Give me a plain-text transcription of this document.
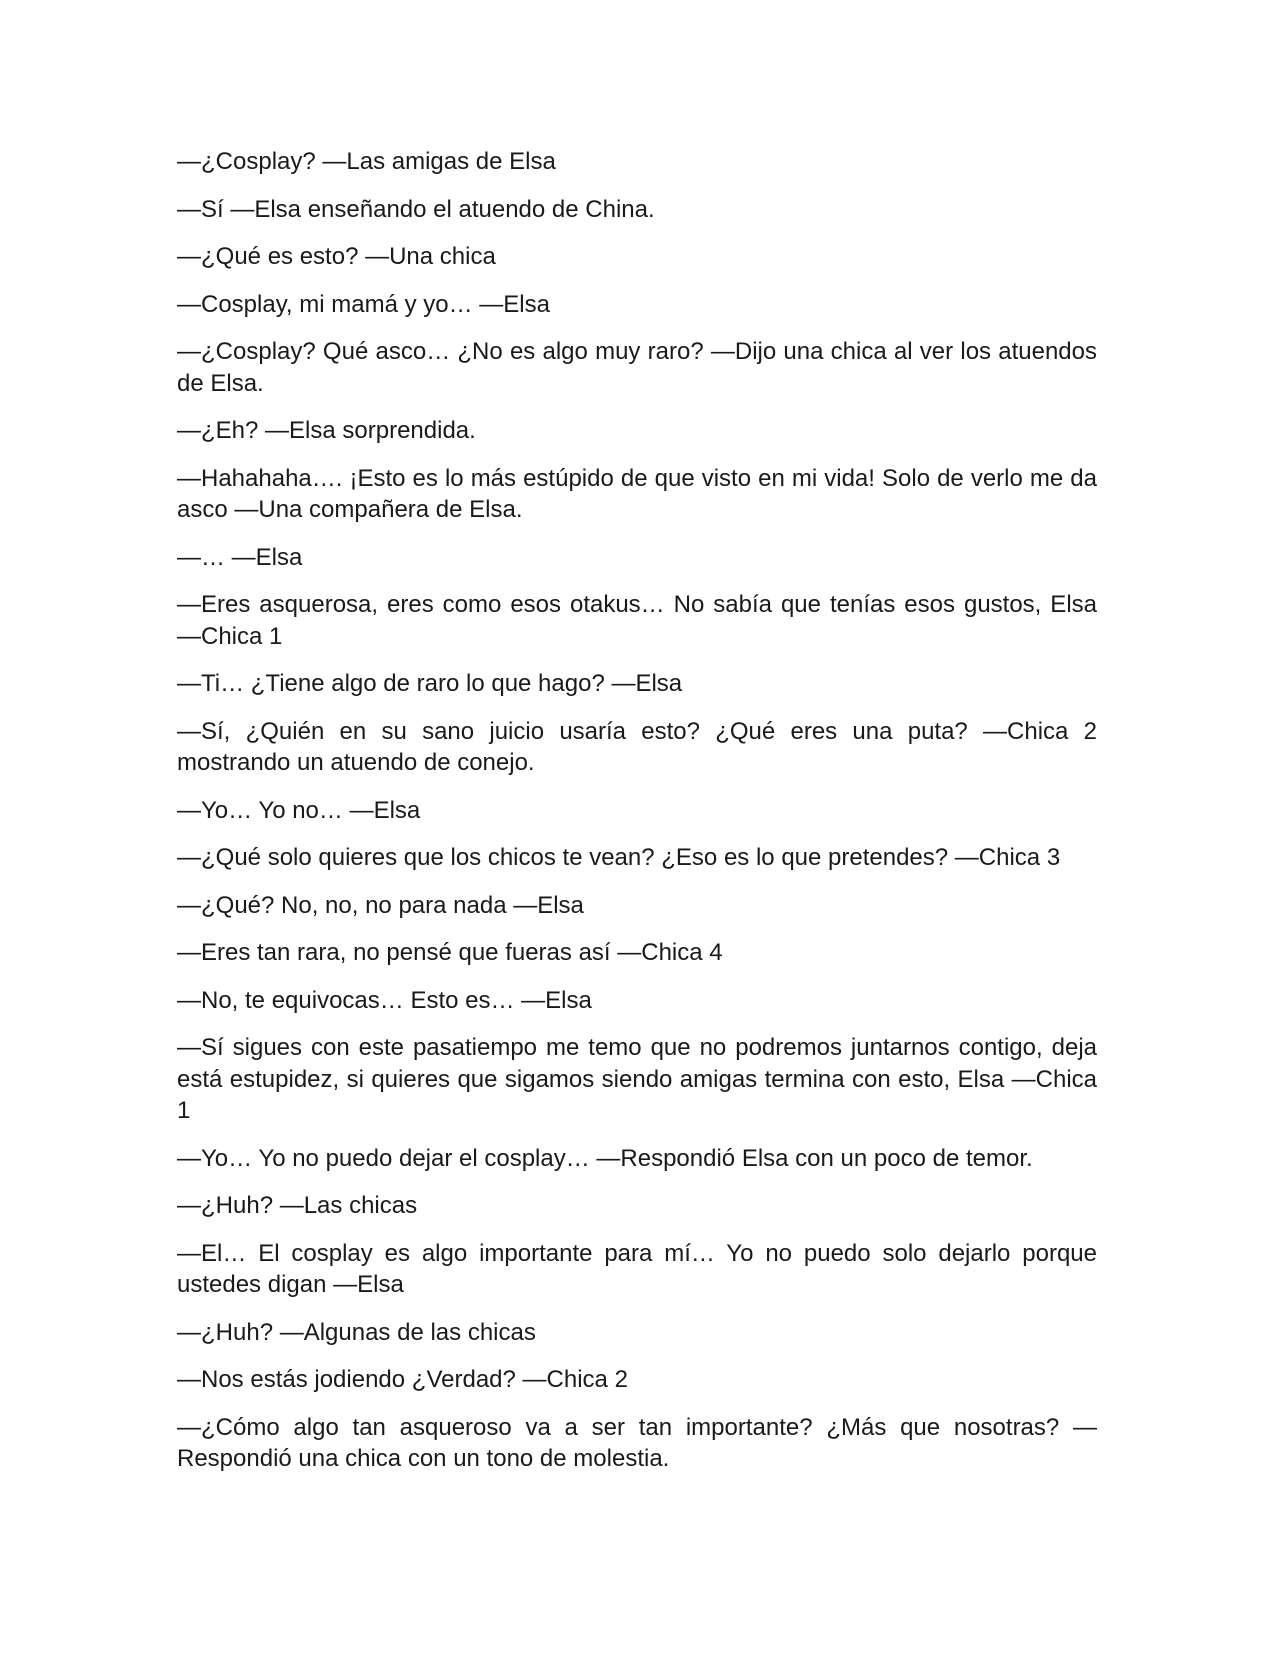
—¿Cosplay? —Las amigas de Elsa

—Sí —Elsa enseñando el atuendo de China.

—¿Qué es esto? —Una chica

—Cosplay, mi mamá y yo… —Elsa

—¿Cosplay? Qué asco… ¿No es algo muy raro? —Dijo una chica al ver los atuendos de Elsa.

—¿Eh? —Elsa sorprendida.

—Hahahaha…. ¡Esto es lo más estúpido de que visto en mi vida! Solo de verlo me da asco —Una compañera de Elsa.

—… —Elsa

—Eres asquerosa, eres como esos otakus… No sabía que tenías esos gustos, Elsa —Chica 1

—Ti… ¿Tiene algo de raro lo que hago? —Elsa

—Sí, ¿Quién en su sano juicio usaría esto? ¿Qué eres una puta? —Chica 2 mostrando un atuendo de conejo.

—Yo… Yo no… —Elsa

—¿Qué solo quieres que los chicos te vean? ¿Eso es lo que pretendes? —Chica 3

—¿Qué? No, no, no para nada —Elsa

—Eres tan rara, no pensé que fueras así —Chica 4

—No, te equivocas… Esto es… —Elsa

—Sí sigues con este pasatiempo me temo que no podremos juntarnos contigo, deja está estupidez, si quieres que sigamos siendo amigas termina con esto, Elsa —Chica 1

—Yo… Yo no puedo dejar el cosplay… —Respondió Elsa con un poco de temor.

—¿Huh? —Las chicas

—El… El cosplay es algo importante para mí… Yo no puedo solo dejarlo porque ustedes digan —Elsa

—¿Huh? —Algunas de las chicas

—Nos estás jodiendo ¿Verdad? —Chica 2

—¿Cómo algo tan asqueroso va a ser tan importante? ¿Más que nosotras? —Respondió una chica con un tono de molestia.
